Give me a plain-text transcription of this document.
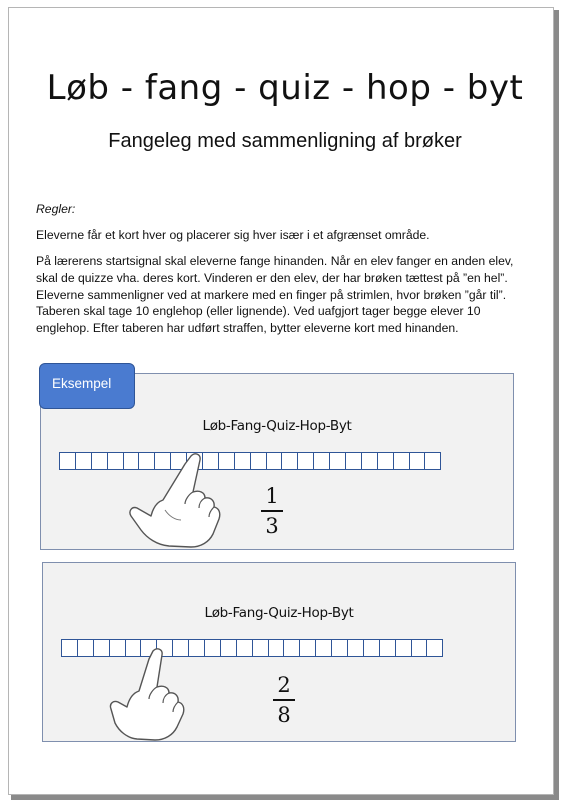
Løb - fang - quiz - hop - byt
Fangeleg med sammenligning af brøker
Regler:
Eleverne får et kort hver og placerer sig hver især i et afgrænset område.
På lærerens startsignal skal eleverne fange hinanden. Når en elev fanger en anden elev, skal de quizze vha. deres kort. Vinderen er den elev, der har brøken tættest på ”en hel”. Eleverne sammenligner ved at markere med en finger på strimlen, hvor brøken ”går til”. Taberen skal tage 10 englehop (eller lignende). Ved uafgjort tager begge elever 10 englehop. Efter taberen har udført straffen, bytter eleverne kort med hinanden.
Løb-Fang-Quiz-Hop-Byt
1
3
Eksempel
Løb-Fang-Quiz-Hop-Byt
2
8
